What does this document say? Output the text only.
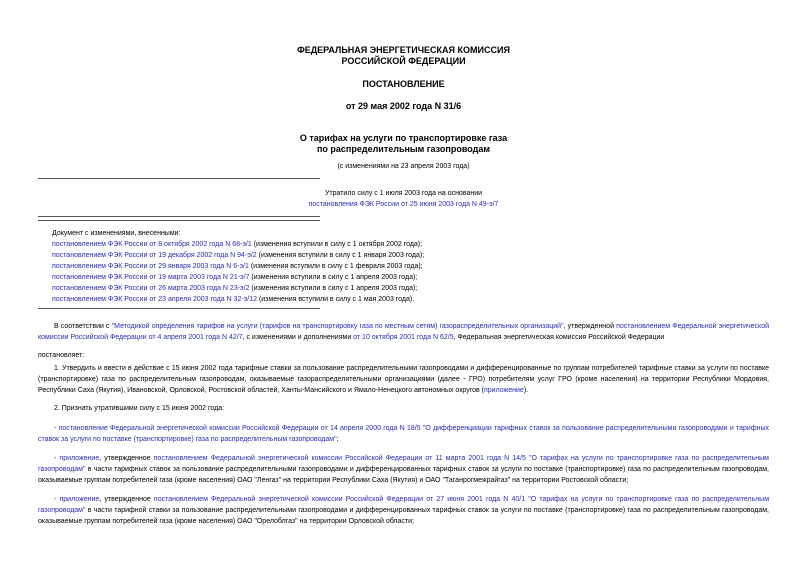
ФЕДЕРАЛЬНАЯ ЭНЕРГЕТИЧЕСКАЯ КОМИССИЯ
РОССИЙСКОЙ ФЕДЕРАЦИИ
ПОСТАНОВЛЕНИЕ
от 29 мая 2002 года N 31/6
О тарифах на услуги по транспортировке газа
по распределительным газопроводам
(с изменениями на 23 апреля 2003 года)
Утратило силу с 1 июля 2003 года на основании
постановления ФЭК России от 25 июня 2003 года N 49-э/7
Документ с изменениями, внесенными:
постановлением ФЭК России от 8 октября 2002 года N 68-э/1 (изменения вступили в силу с 1 октября 2002 года);
постановлением ФЭК России от 19 декабря 2002 года N 94-э/2 (изменения вступили в силу с 1 января 2003 года);
постановлением ФЭК России от 29 января 2003 года N 6-э/1 (изменения вступили в силу с 1 февраля 2003 года);
постановлением ФЭК России от 19 марта 2003 года N 21-э/7 (изменения вступили в силу с 1 апреля 2003 года);
постановлением ФЭК России от 26 марта 2003 года N 23-э/2 (изменения вступили в силу с 1 апреля 2003 года);
постановлением ФЭК России от 23 апреля 2003 года N 32-э/12 (изменения вступили в силу с 1 мая 2003 года).
В соответствии с "Методикой определения тарифов на услуги (тарифов на транспортировку газа по местным сетям) газораспределительных организаций", утвержденной постановлением Федеральной энергетической комиссии Российской Федерации от 4 апреля 2001 года N 42/7, с изменениями и дополнениями от 10 октября 2001 года N 62/5, Федеральная энергетическая комиссия Российской Федерации
постановляет:
1. Утвердить и ввести в действие с 15 июня 2002 года тарифные ставки за пользование распределительными газопроводами и дифференцированные по группам потребителей тарифные ставки за услуги по поставке (транспортировке) газа по распределительным газопроводам, оказываемые газораспределительными организациями (далее - ГРО) потребителям услуг ГРО (кроме населения) на территории Республики Мордовия, Республики Саха (Якутия), Ивановской, Орловской, Ростовской областей, Ханты-Мансийского и Ямало-Ненецкого автономных округов (приложение).
2. Признать утратившими силу с 15 июня 2002 года:
- постановление Федеральной энергетической комиссии Российской Федерации от 14 апреля 2000 года N 18/5 "О дифференциации тарифных ставок за пользование распределительными газопроводами и тарифных ставок за услуги по поставке (транспортировке) газа по распределительным газопроводам";
- приложение, утвержденное постановлением Федеральной энергетической комиссии Российской Федерации от 11 марта 2001 года N 14/5 "О тарифах на услуги по транспортировке газа по распределительным газопроводам" в части тарифных ставок за пользование распределительными газопроводами и дифференцированных тарифных ставок за услуги по поставке (транспортировке) газа по распределительным газопроводам, оказываемые группам потребителей газа (кроме населения) ОАО "Ленгаз" на территории Республики Саха (Якутия) и ОАО "Таганрогмежрайгаз" на территории Ростовской области;
- приложение, утвержденное постановлением Федеральной энергетической комиссии Российской Федерации от 27 июня 2001 года N 40/1 "О тарифах на услуги по транспортировке газа по распределительным газопроводам" в части тарифной ставки за пользование распределительными газопроводами и дифференцированных тарифных ставок за услуги по поставке (транспортировке) газа по распределительным газопроводам, оказываемые группам потребителей газа (кроме населения) ОАО "Орелоблгаз" на территории Орловской области;
